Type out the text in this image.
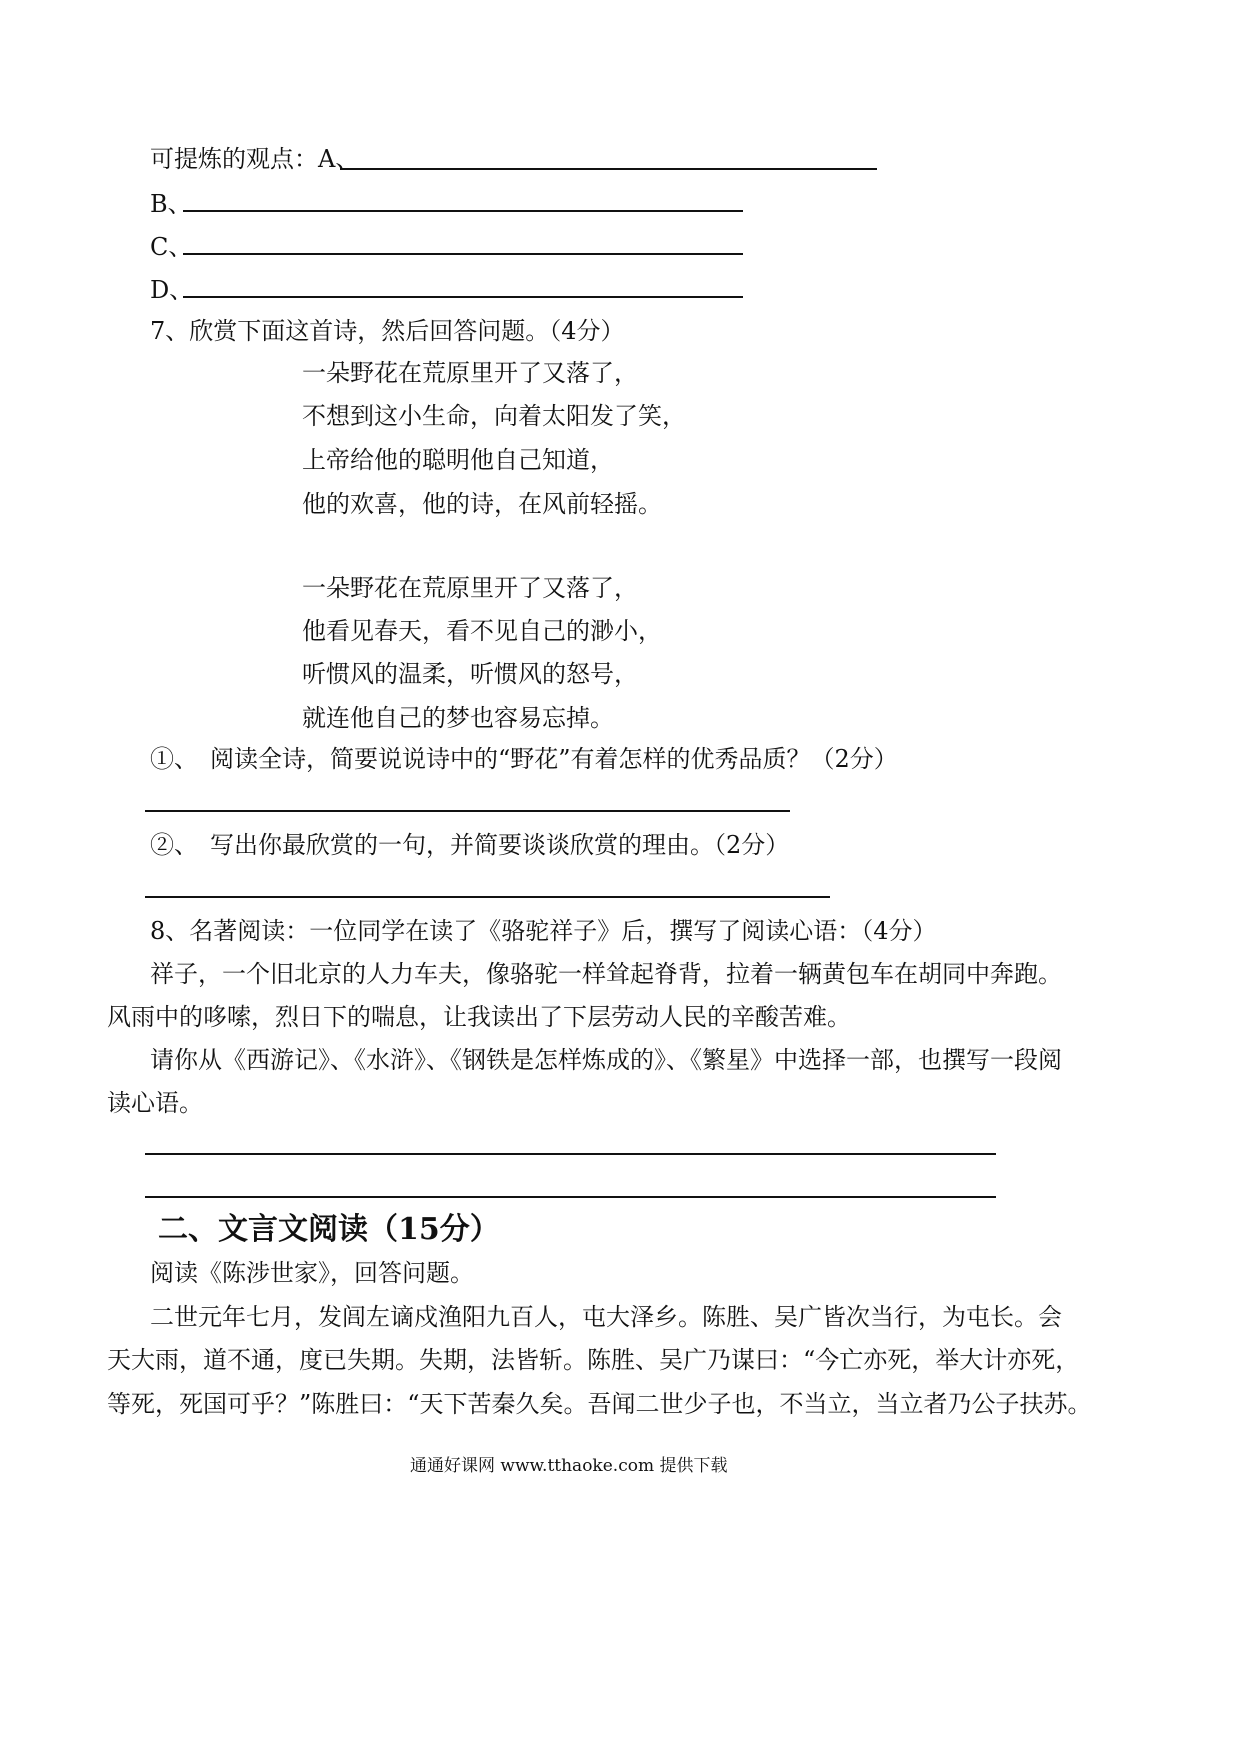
可提炼的观点：A、
B、
C、
D、
7、欣赏下面这首诗，然后回答问题。（4分）
一朵野花在荒原里开了又落了，
不想到这小生命，向着太阳发了笑，
上帝给他的聪明他自己知道，
他的欢喜，他的诗，在风前轻摇。
一朵野花在荒原里开了又落了，
他看见春天，看不见自己的渺小，
听惯风的温柔，听惯风的怒号，
就连他自己的梦也容易忘掉。
①、　阅读全诗，简要说说诗中的“野花”有着怎样的优秀品质？（2分）
②、　写出你最欣赏的一句，并简要谈谈欣赏的理由。（2分）
8、名著阅读：一位同学在读了《骆驼祥子》后，撰写了阅读心语：（4分）
祥子，一个旧北京的人力车夫，像骆驼一样耸起脊背，拉着一辆黄包车在胡同中奔跑。
风雨中的哆嗦，烈日下的喘息，让我读出了下层劳动人民的辛酸苦难。
请你从《西游记》、《水浒》、《钢铁是怎样炼成的》、《繁星》中选择一部，也撰写一段阅
读心语。
二、文言文阅读（15分）
阅读《陈涉世家》，回答问题。
二世元年七月，发闾左谪戍渔阳九百人，屯大泽乡。陈胜、吴广皆次当行，为屯长。会
天大雨，道不通，度已失期。失期，法皆斩。陈胜、吴广乃谋曰：“今亡亦死，举大计亦死，
等死，死国可乎？”陈胜曰：“天下苦秦久矣。吾闻二世少子也，不当立，当立者乃公子扶苏。
通通好课网 www.tthaoke.com 提供下载
